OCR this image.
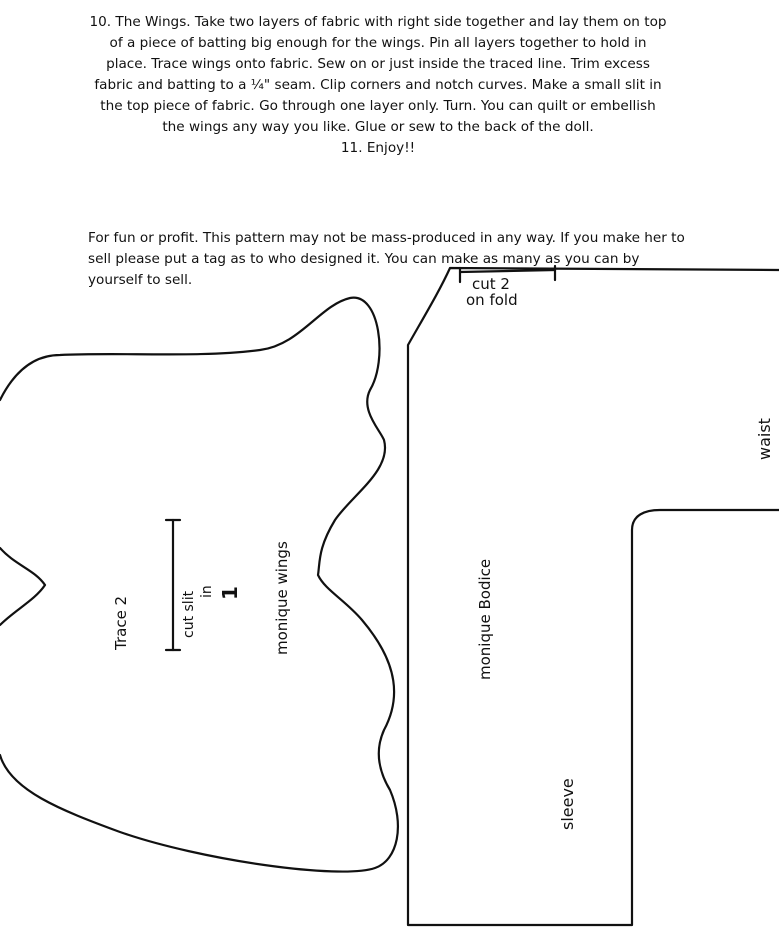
10. The Wings. Take two layers of fabric with right side together and lay them on top of a piece of batting big enough for the wings. Pin all layers together to hold in place. Trace wings onto fabric. Sew on or just inside the traced line. Trim excess fabric and batting to a ¼" seam. Clip corners and notch curves. Make a small slit in the top piece of fabric. Go through one layer only. Turn. You can quilt or embellish the wings any way you like. Glue or sew to the back of the doll.

11. Enjoy!!

For fun or profit. This pattern may not be mass-produced in any way. If you make her to sell please put a tag as to who designed it. You can make as many as you can by yourself to sell.

Trace 2	cut slit in 1 monique wings
cut 2
on fold
waist
monique Bodice
sleeve
